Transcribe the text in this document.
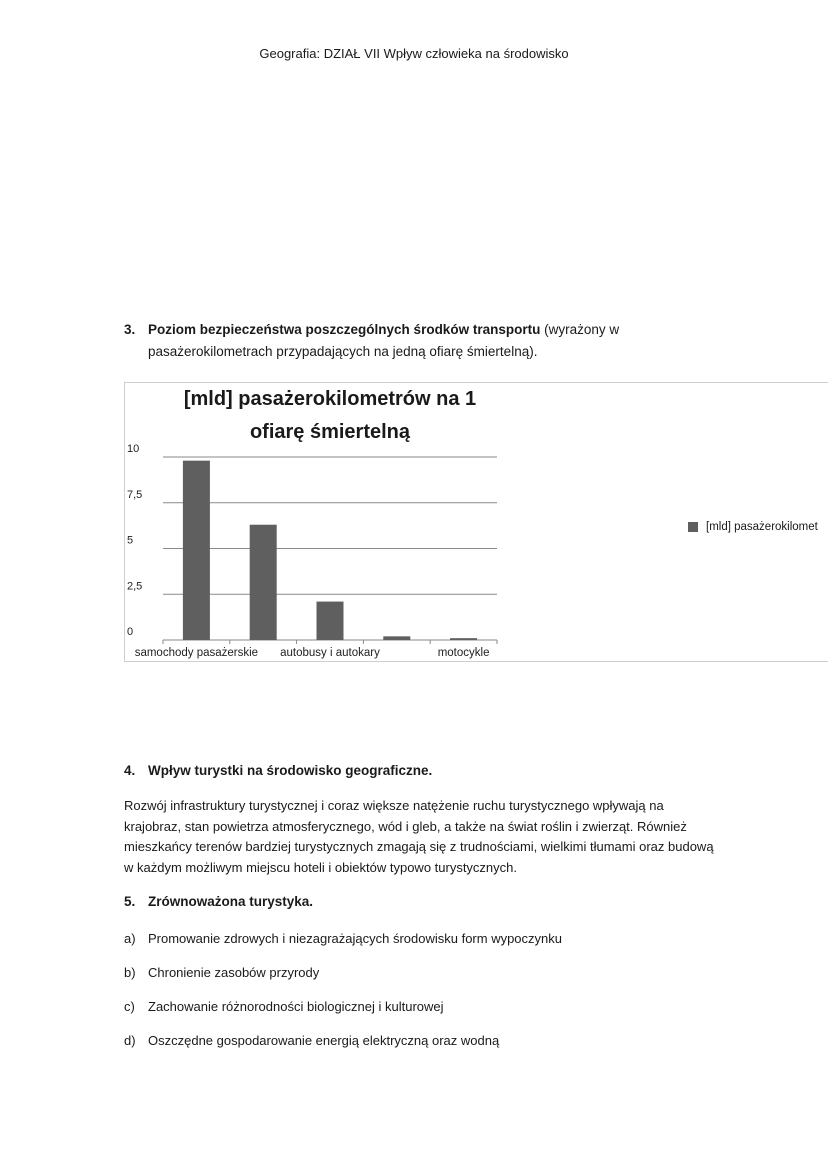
Geografia: DZIAŁ VII Wpływ człowieka na środowisko
3. Poziom bezpieczeństwa poszczególnych środków transportu (wyrażony w pasażerokilometrach przypadających na jedną ofiarę śmiertelną).
[mld] pasażerokilometrów na 1
ofiarę śmiertelną
0
2,5
5
7,5
10
samochody pasażerskie autobusy i autokary	motocykle
[mld] pasażerokilomet
4. Wpływ turystki na środowisko geograficzne.
Rozwój infrastruktury turystycznej i coraz większe natężenie ruchu turystycznego wpływają na krajobraz, stan powietrza atmosferycznego, wód i gleb, a także na świat roślin i zwierząt. Również mieszkańcy terenów bardziej turystycznych zmagają się z trudnościami, wielkimi tłumami oraz budową w każdym możliwym miejscu hoteli i obiektów typowo turystycznych.
5. Zrównoważona turystyka.
a) Promowanie zdrowych i niezagrażających środowisku form wypoczynku
b) Chronienie zasobów przyrody
c)	Zachowanie różnorodności biologicznej i kulturowej
d) Oszczędne gospodarowanie energią elektryczną oraz wodną
